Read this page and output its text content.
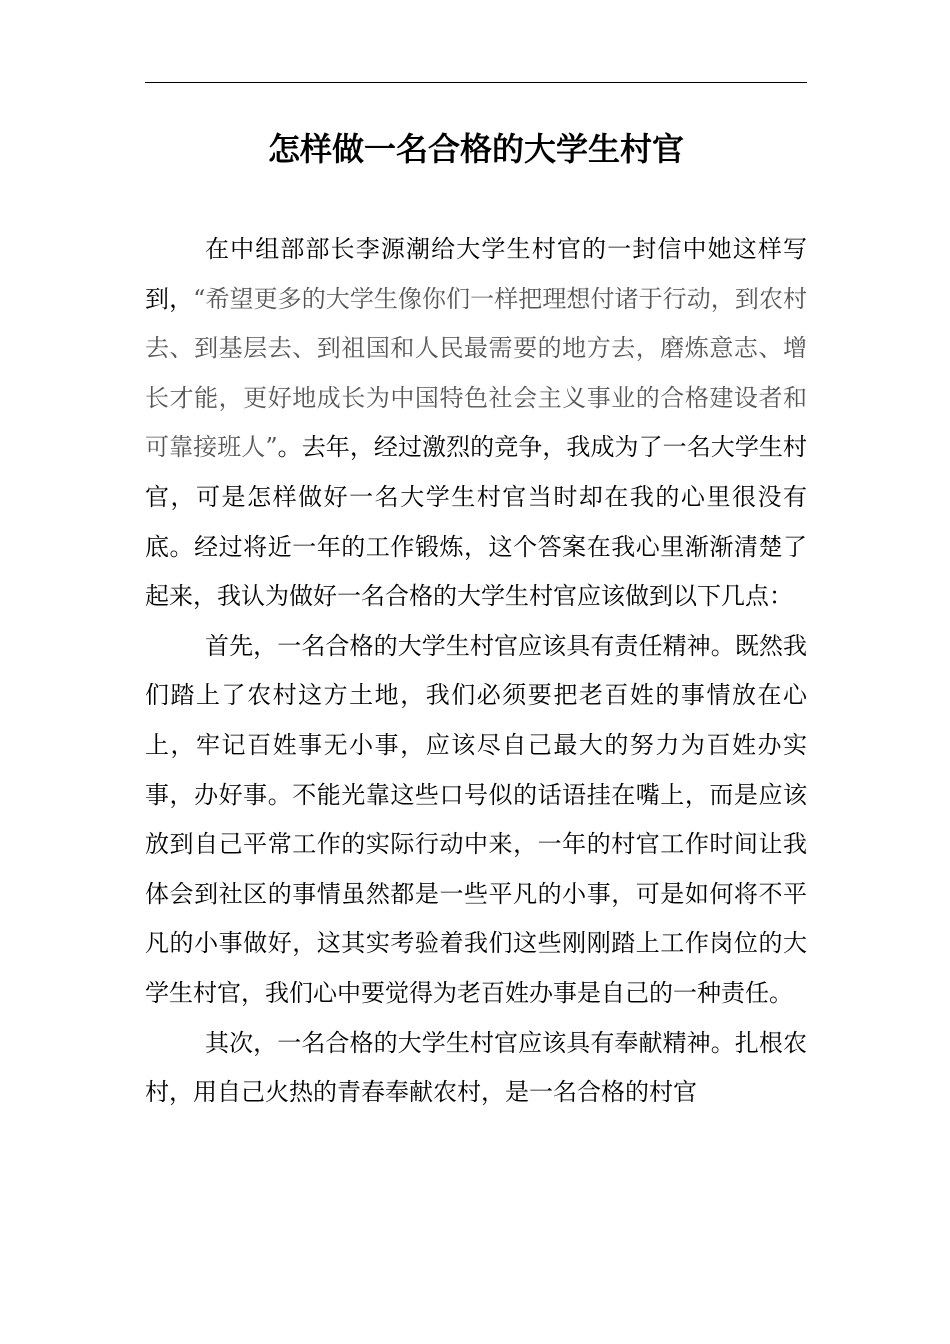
怎样做一名合格的大学生村官

在中组部部长李源潮给大学生村官的一封信中她这样写到，“希望更多的大学生像你们一样把理想付诸于行动，到农村去、到基层去、到祖国和人民最需要的地方去，磨炼意志、增长才能，更好地成长为中国特色社会主义事业的合格建设者和可靠接班人”。去年，经过激烈的竞争，我成为了一名大学生村官，可是怎样做好一名大学生村官当时却在我的心里很没有底。经过将近一年的工作锻炼，这个答案在我心里渐渐清楚了起来，我认为做好一名合格的大学生村官应该做到以下几点：

首先，一名合格的大学生村官应该具有责任精神。既然我们踏上了农村这方土地，我们必须要把老百姓的事情放在心上，牢记百姓事无小事，应该尽自己最大的努力为百姓办实事，办好事。不能光靠这些口号似的话语挂在嘴上，而是应该放到自己平常工作的实际行动中来，一年的村官工作时间让我体会到社区的事情虽然都是一些平凡的小事，可是如何将不平凡的小事做好，这其实考验着我们这些刚刚踏上工作岗位的大学生村官，我们心中要觉得为老百姓办事是自己的一种责任。

其次，一名合格的大学生村官应该具有奉献精神。扎根农村，用自己火热的青春奉献农村，是一名合格的村官
